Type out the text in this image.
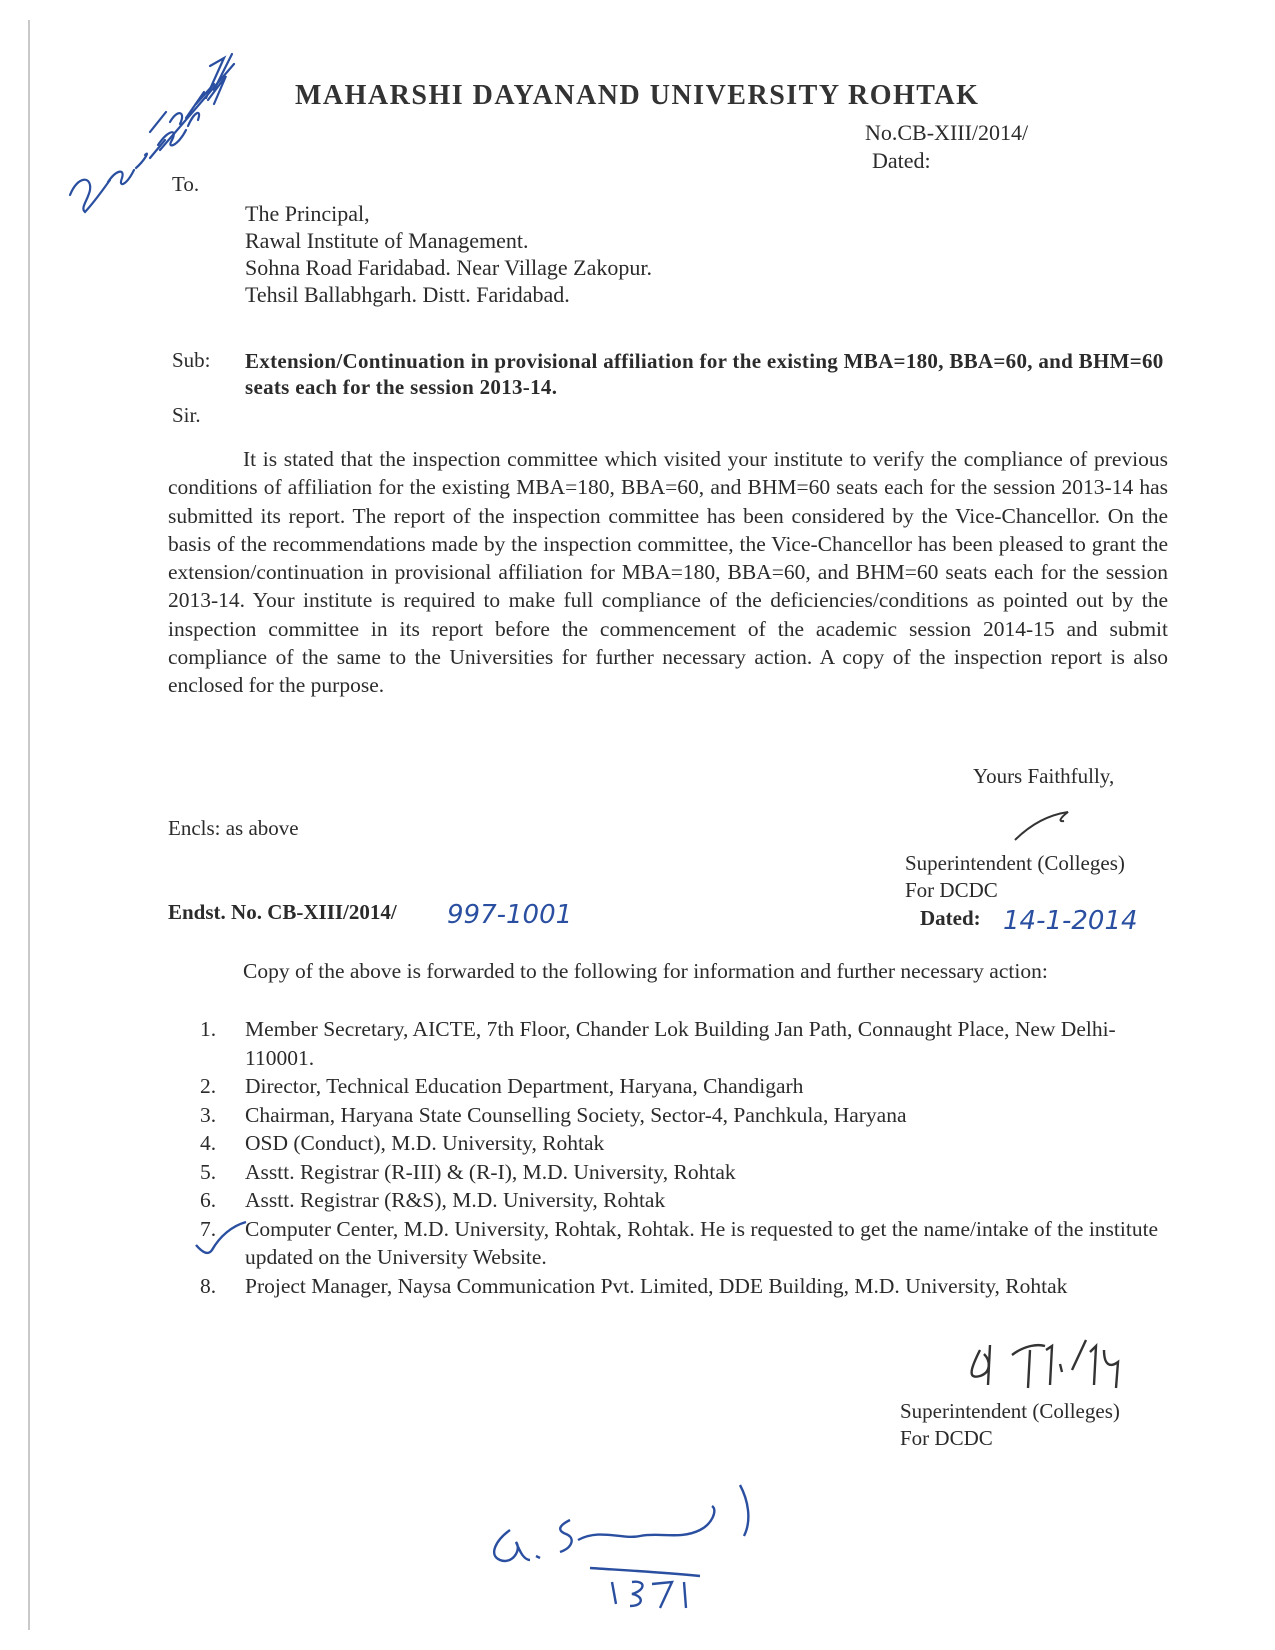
MAHARSHI DAYANAND UNIVERSITY ROHTAK
No.CB-XIII/2014/
Dated:
To.
The Principal,
Rawal Institute of Management.
Sohna Road Faridabad. Near Village Zakopur.
Tehsil Ballabhgarh. Distt. Faridabad.
Sub: Extension/Continuation in provisional affiliation for the existing MBA=180, BBA=60, and BHM=60 seats each for the session 2013-14.
Sir.
It is stated that the inspection committee which visited your institute to verify the compliance of previous conditions of affiliation for the existing MBA=180, BBA=60, and BHM=60 seats each for the session 2013-14 has submitted its report. The report of the inspection committee has been considered by the Vice-Chancellor. On the basis of the recommendations made by the inspection committee, the Vice-Chancellor has been pleased to grant the extension/continuation in provisional affiliation for MBA=180, BBA=60, and BHM=60 seats each for the session 2013-14. Your institute is required to make full compliance of the deficiencies/conditions as pointed out by the inspection committee in its report before the commencement of the academic session 2014-15 and submit compliance of the same to the Universities for further necessary action. A copy of the inspection report is also enclosed for the purpose.
Yours Faithfully,
Encls: as above
Superintendent (Colleges)
For DCDC
Endst. No. CB-XIII/2014/ 997-1001	Dated: 14-1-2014
Copy of the above is forwarded to the following for information and further necessary action:
1.	Member Secretary, AICTE, 7th Floor, Chander Lok Building Jan Path, Connaught Place, New Delhi-110001.
2.	Director, Technical Education Department, Haryana, Chandigarh
3.	Chairman, Haryana State Counselling Society, Sector-4, Panchkula, Haryana
4.	OSD (Conduct), M.D. University, Rohtak
5.	Asstt. Registrar (R-III) & (R-I), M.D. University, Rohtak
6.	Asstt. Registrar (R&S), M.D. University, Rohtak
7.	Computer Center, M.D. University, Rohtak, Rohtak. He is requested to get the name/intake of the institute updated on the University Website.
8.	Project Manager, Naysa Communication Pvt. Limited, DDE Building, M.D. University, Rohtak
Superintendent (Colleges)
For DCDC
